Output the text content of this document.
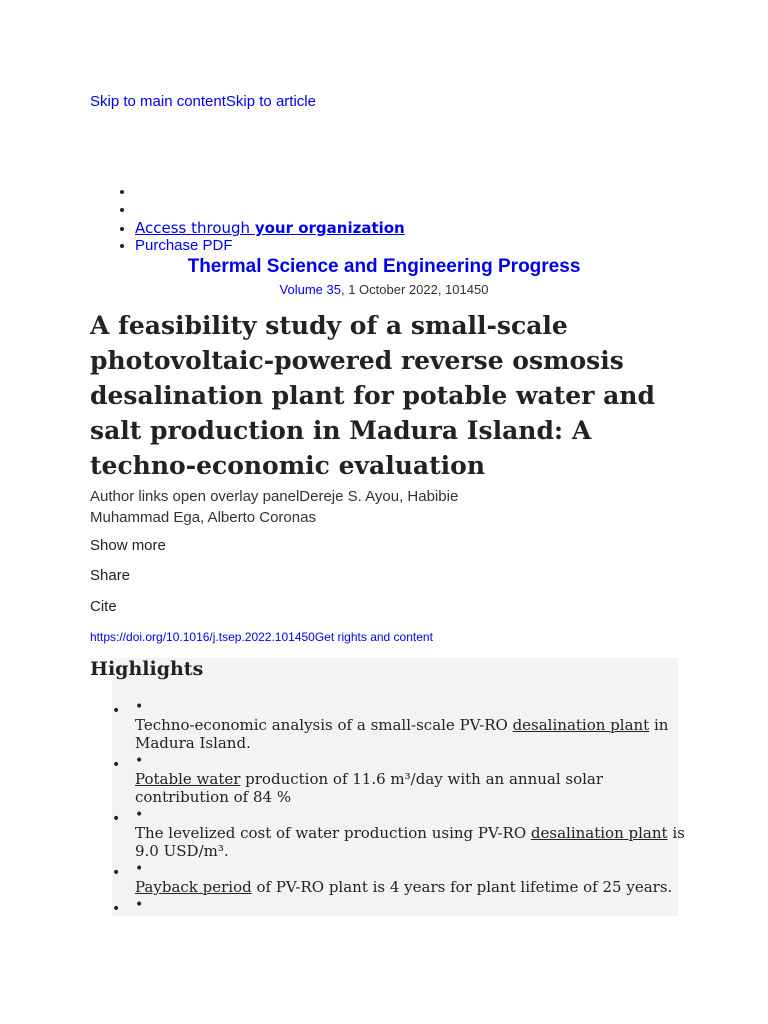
Skip to main contentSkip to article
•
•
• Access through your organization
• Purchase PDF
Thermal Science and Engineering Progress
Volume 35, 1 October 2022, 101450
A feasibility study of a small-scale photovoltaic-powered reverse osmosis desalination plant for potable water and salt production in Madura Island: A techno-economic evaluation
Author links open overlay panelDereje S. Ayou, Habibie Muhammad Ega, Alberto Coronas
Show more
Share
Cite
https://doi.org/10.1016/j.tsep.2022.101450Get rights and content
Highlights
• •
Techno-economic analysis of a small-scale PV-RO desalination plant in Madura Island.
• •
Potable water production of 11.6 m³/day with an annual solar contribution of 84 %
• •
The levelized cost of water production using PV-RO desalination plant is 9.0 USD/m³.
• •
Payback period of PV-RO plant is 4 years for plant lifetime of 25 years.
• •
